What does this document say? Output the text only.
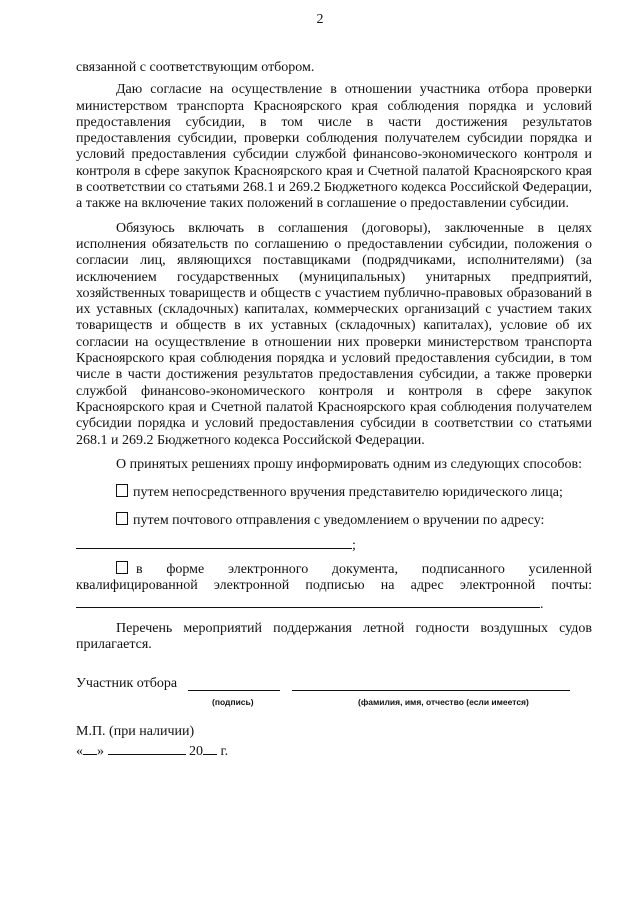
2

связанной с соответствующим отбором.

Даю согласие на осуществление в отношении участника отбора проверки министерством транспорта Красноярского края соблюдения порядка и условий предоставления субсидии, в том числе в части достижения результатов предоставления субсидии, проверки соблюдения получателем субсидии порядка и условий предоставления субсидии службой финансово-экономического контроля и контроля в сфере закупок Красноярского края и Счетной палатой Красноярского края в соответствии со статьями 268.1 и 269.2 Бюджетного кодекса Российской Федерации, а также на включение таких положений в соглашение о предоставлении субсидии.

Обязуюсь включать в соглашения (договоры), заключенные в целях исполнения обязательств по соглашению о предоставлении субсидии, положения о согласии лиц, являющихся поставщиками (подрядчиками, исполнителями) (за исключением государственных (муниципальных) унитарных предприятий, хозяйственных товариществ и обществ с участием публично-правовых образований в их уставных (складочных) капиталах, коммерческих организаций с участием таких товариществ и обществ в их уставных (складочных) капиталах), условие об их согласии на осуществление в отношении них проверки министерством транспорта Красноярского края соблюдения порядка и условий предоставления субсидии, в том числе в части достижения результатов предоставления субсидии, а также проверки службой финансово-экономического контроля и контроля в сфере закупок Красноярского края и Счетной палатой Красноярского края соблюдения получателем субсидии порядка и условий предоставления субсидии в соответствии со статьями 268.1 и 269.2 Бюджетного кодекса Российской Федерации.

О принятых решениях прошу информировать одним из следующих способов:

путем непосредственного вручения представителю юридического лица;
путем почтового отправления с уведомлением о вручении по адресу:
;

в форме электронного документа, подписанного усиленной квалифицированной электронной подписью на адрес электронной почты:.

Перечень мероприятий поддержания летной годности воздушных судов прилагается.

Участник отбора
(подпись)	(фамилия, имя, отчество (если имеется)
М.П. (при наличии)
« »	20 г.
